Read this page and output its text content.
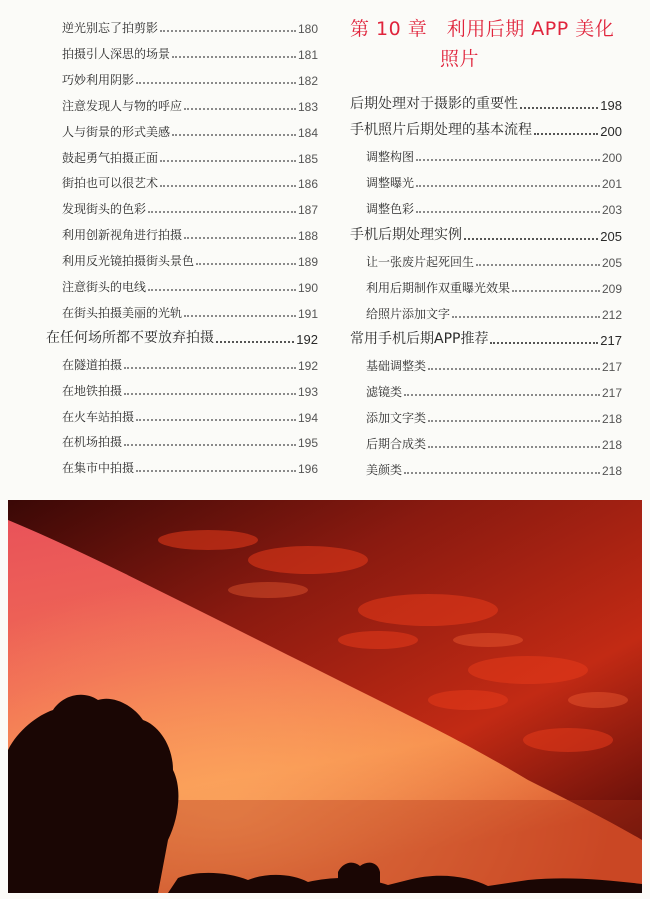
逆光别忘了拍剪影	180
拍摄引人深思的场景	181
巧妙利用阴影	182
注意发现人与物的呼应	183
人与街景的形式美感	184
鼓起勇气拍摄正面	185
街拍也可以很艺术	186
发现街头的色彩	187
利用创新视角进行拍摄	188
利用反光镜拍摄街头景色	189
注意街头的电线	190
在街头拍摄美丽的光轨	191
在任何场所都不要放弃拍摄	192
在隧道拍摄	192
在地铁拍摄	193
在火车站拍摄	194
在机场拍摄	195
在集市中拍摄	196
第 10 章　利用后期 APP 美化
照片
后期处理对于摄影的重要性	198
手机照片后期处理的基本流程	200
调整构图	200
调整曝光	201
调整色彩	203
手机后期处理实例	205
让一张废片起死回生	205
利用后期制作双重曝光效果	209
给照片添加文字	212
常用手机后期APP推荐	217
基础调整类	217
滤镜类	217
添加文字类	218
后期合成类	218
美颜类	218
